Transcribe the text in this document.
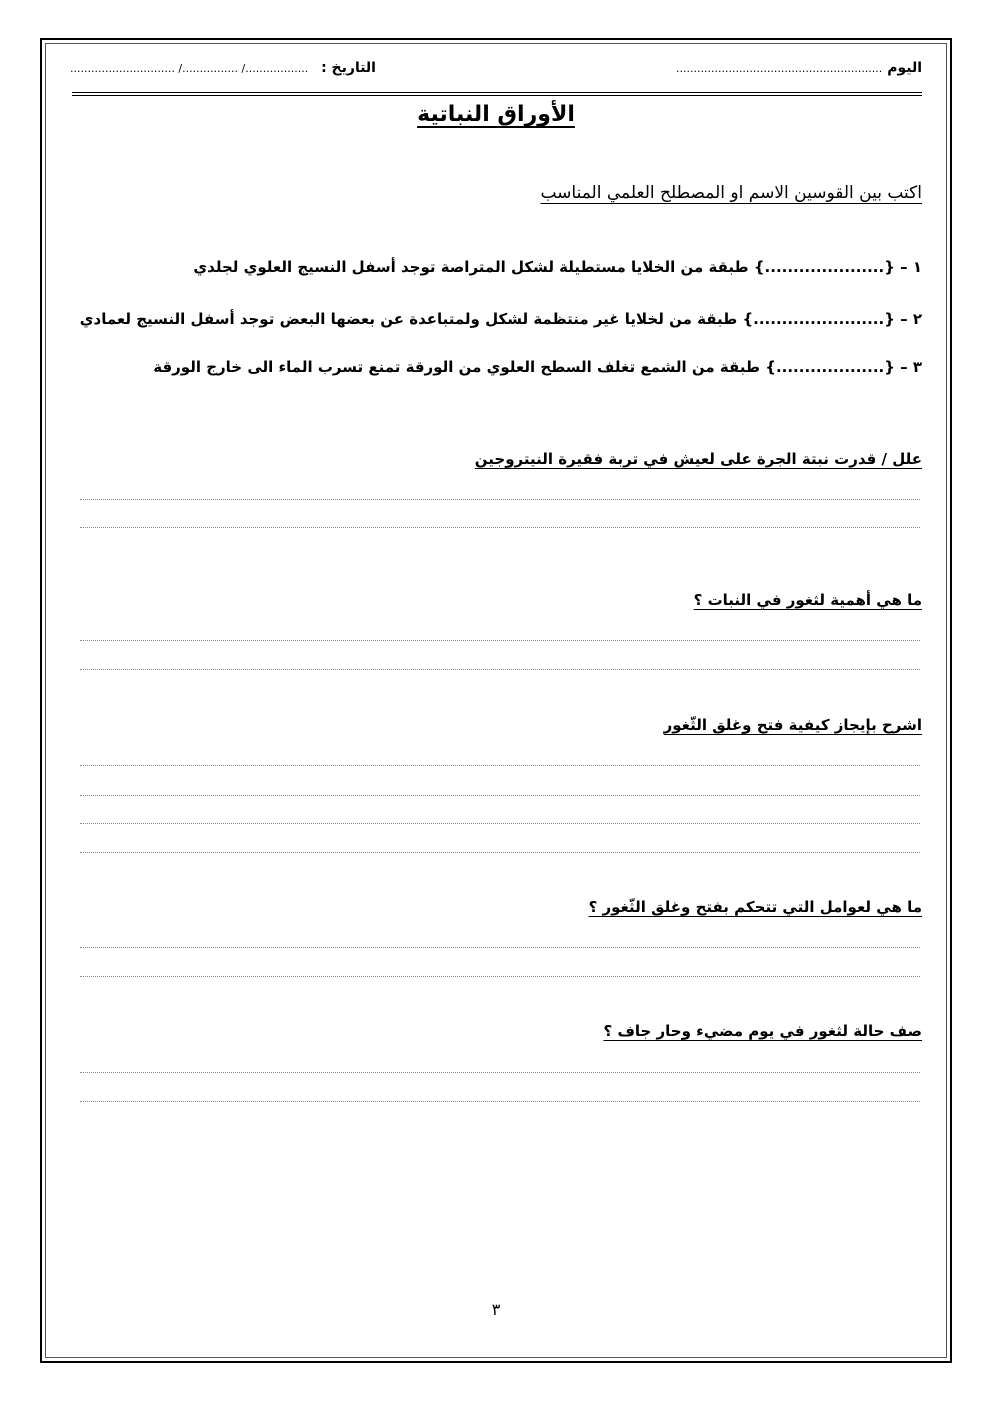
اليوم ...........................................................
.............................. /................ /.................. التاريخ :
الأوراق النباتية
اكتب بين القوسين الاسم او المصطلح العلمي المناسب
١ – {.....................} طبقة من الخلايا مستطيلة لشكل المتراصة توجد أسفل النسيج العلوي لجلدي
٢ – {.......................} طبقة من لخلايا غير منتظمة لشكل ولمتباعدة عن بعضها البعض توجد أسفل النسيج لعمادي
٣ – {...................} طبقة من الشمع تغلف السطح العلوي من الورقة تمنع تسرب الماء الى خارج الورقة
علل / قدرت نبتة الجرة على لعيش في تربة فقيرة النيتروجين
ما هي أهمية لثغور في النبات ؟
اشرح بإيجاز كيفية فتح وغلق الثّغور
ما هي لعوامل التي تتحكم بفتح وغلق الثّغور ؟
صف حالة لثغور في يوم مضيء وحار جاف ؟
٣
